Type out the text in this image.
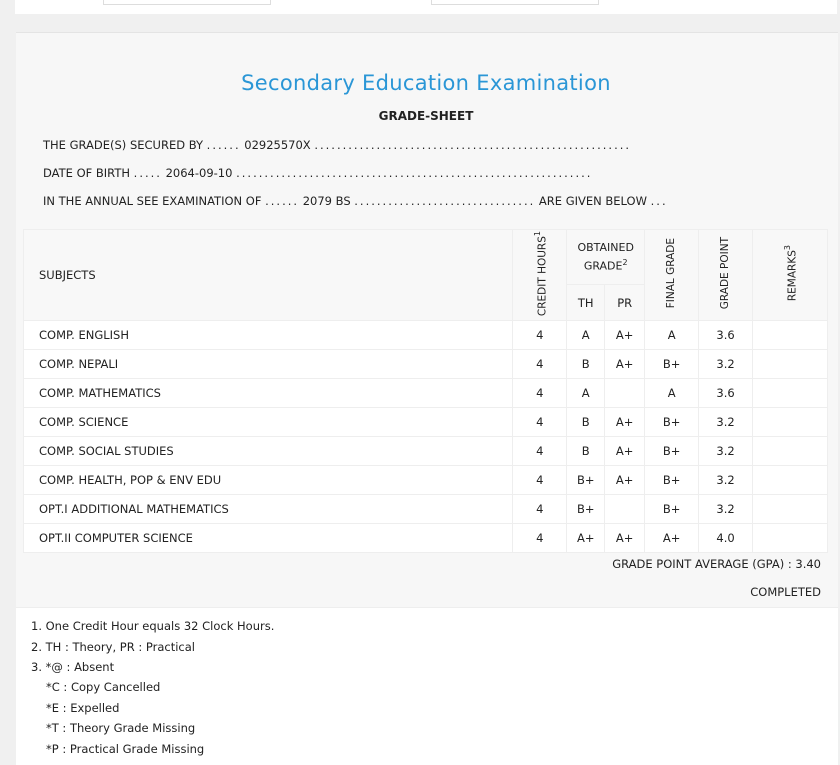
Secondary Education Examination
GRADE-SHEET
THE GRADE(S) SECURED BY ...... 02925570X ........................................................
DATE OF BIRTH ..... 2064-09-10 ...............................................................
IN THE ANNUAL SEE EXAMINATION OF ...... 2079 BS ................................ ARE GIVEN BELOW ...
SUBJECTS	CREDIT HOURS$^1$	OBTAINED GRADE$^2$		FINAL GRADE	GRADE POINT	REMARKS$^3$
		TH	PR			
COMP. ENGLISH	4	A	A+	A	3.6	
COMP. NEPALI	4	B	A+	B+	3.2	
COMP. MATHEMATICS	4	A		A	3.6	
COMP. SCIENCE	4	B	A+	B+	3.2	
COMP. SOCIAL STUDIES	4	B	A+	B+	3.2	
COMP. HEALTH, POP & ENV EDU	4	B+	A+	B+	3.2	
OPT.I ADDITIONAL MATHEMATICS	4	B+		B+	3.2	
OPT.II COMPUTER SCIENCE	4	A+	A+	A+	4.0	
GRADE POINT AVERAGE (GPA) : 3.40
COMPLETED
1. One Credit Hour equals 32 Clock Hours.
2. TH : Theory, PR : Practical
3. *@ : Absent
*C : Copy Cancelled
*E : Expelled
*T : Theory Grade Missing
*P : Practical Grade Missing
